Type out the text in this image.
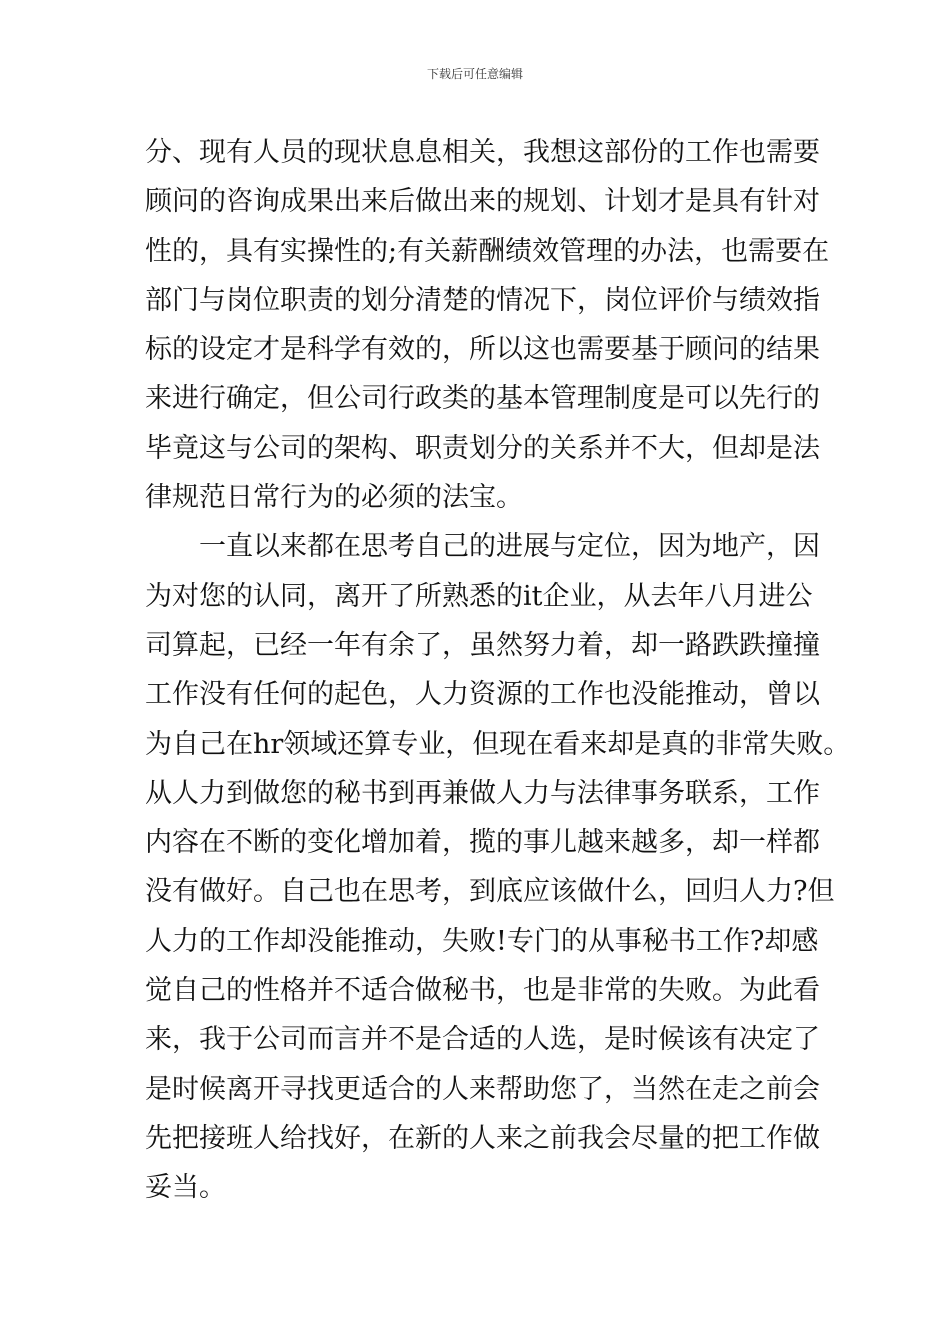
下载后可任意编辑
分、现有人员的现状息息相关，我想这部份的工作也需要
顾问的咨询成果出来后做出来的规划、计划才是具有针对
性的，具有实操性的;有关薪酬绩效管理的办法，也需要在
部门与岗位职责的划分清楚的情况下，岗位评价与绩效指
标的设定才是科学有效的，所以这也需要基于顾问的结果
来进行确定，但公司行政类的基本管理制度是可以先行的
毕竟这与公司的架构、职责划分的关系并不大，但却是法
律规范日常行为的必须的法宝。
　　一直以来都在思考自己的进展与定位，因为地产，因
为对您的认同，离开了所熟悉的it企业，从去年八月进公
司算起，已经一年有余了，虽然努力着，却一路跌跌撞撞
工作没有任何的起色，人力资源的工作也没能推动，曾以
为自己在hr领域还算专业，但现在看来却是真的非常失败。
从人力到做您的秘书到再兼做人力与法律事务联系，工作
内容在不断的变化增加着，揽的事儿越来越多，却一样都
没有做好。自己也在思考，到底应该做什么，回归人力?但
人力的工作却没能推动，失败!专门的从事秘书工作?却感
觉自己的性格并不适合做秘书，也是非常的失败。为此看
来，我于公司而言并不是合适的人选，是时候该有决定了
是时候离开寻找更适合的人来帮助您了，当然在走之前会
先把接班人给找好，在新的人来之前我会尽量的把工作做
妥当。
